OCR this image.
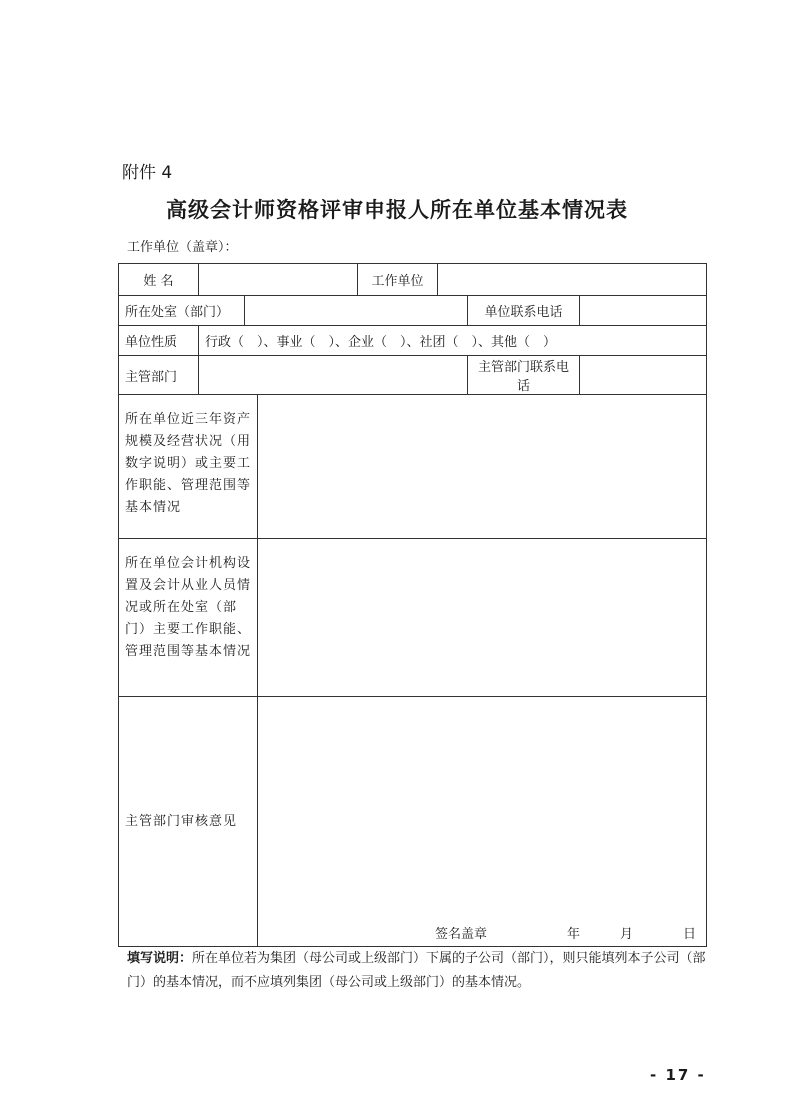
附件 4
高级会计师资格评审申报人所在单位基本情况表
工作单位（盖章）：
姓 名				工作单位			
所在处室（部门）						单位联系电话	
单位性质	行政（　）、事业（　）、企业（　）、社团（　）、其他（　）						
主管部门						主管部门联系电话	
所在单位近三年资产规模及经营状况（用数字说明）或主要工作职能、管理范围等基本情况							
所在单位会计机构设置及会计从业人员情况或所在处室（部门）主要工作职能、管理范围等基本情况							
主管部门审核意见			签名盖章 年 月 日				
填写说明：所在单位若为集团（母公司或上级部门）下属的子公司（部门），则只能填列本子公司（部门）的基本情况，而不应填列集团（母公司或上级部门）的基本情况。
- 17 -
